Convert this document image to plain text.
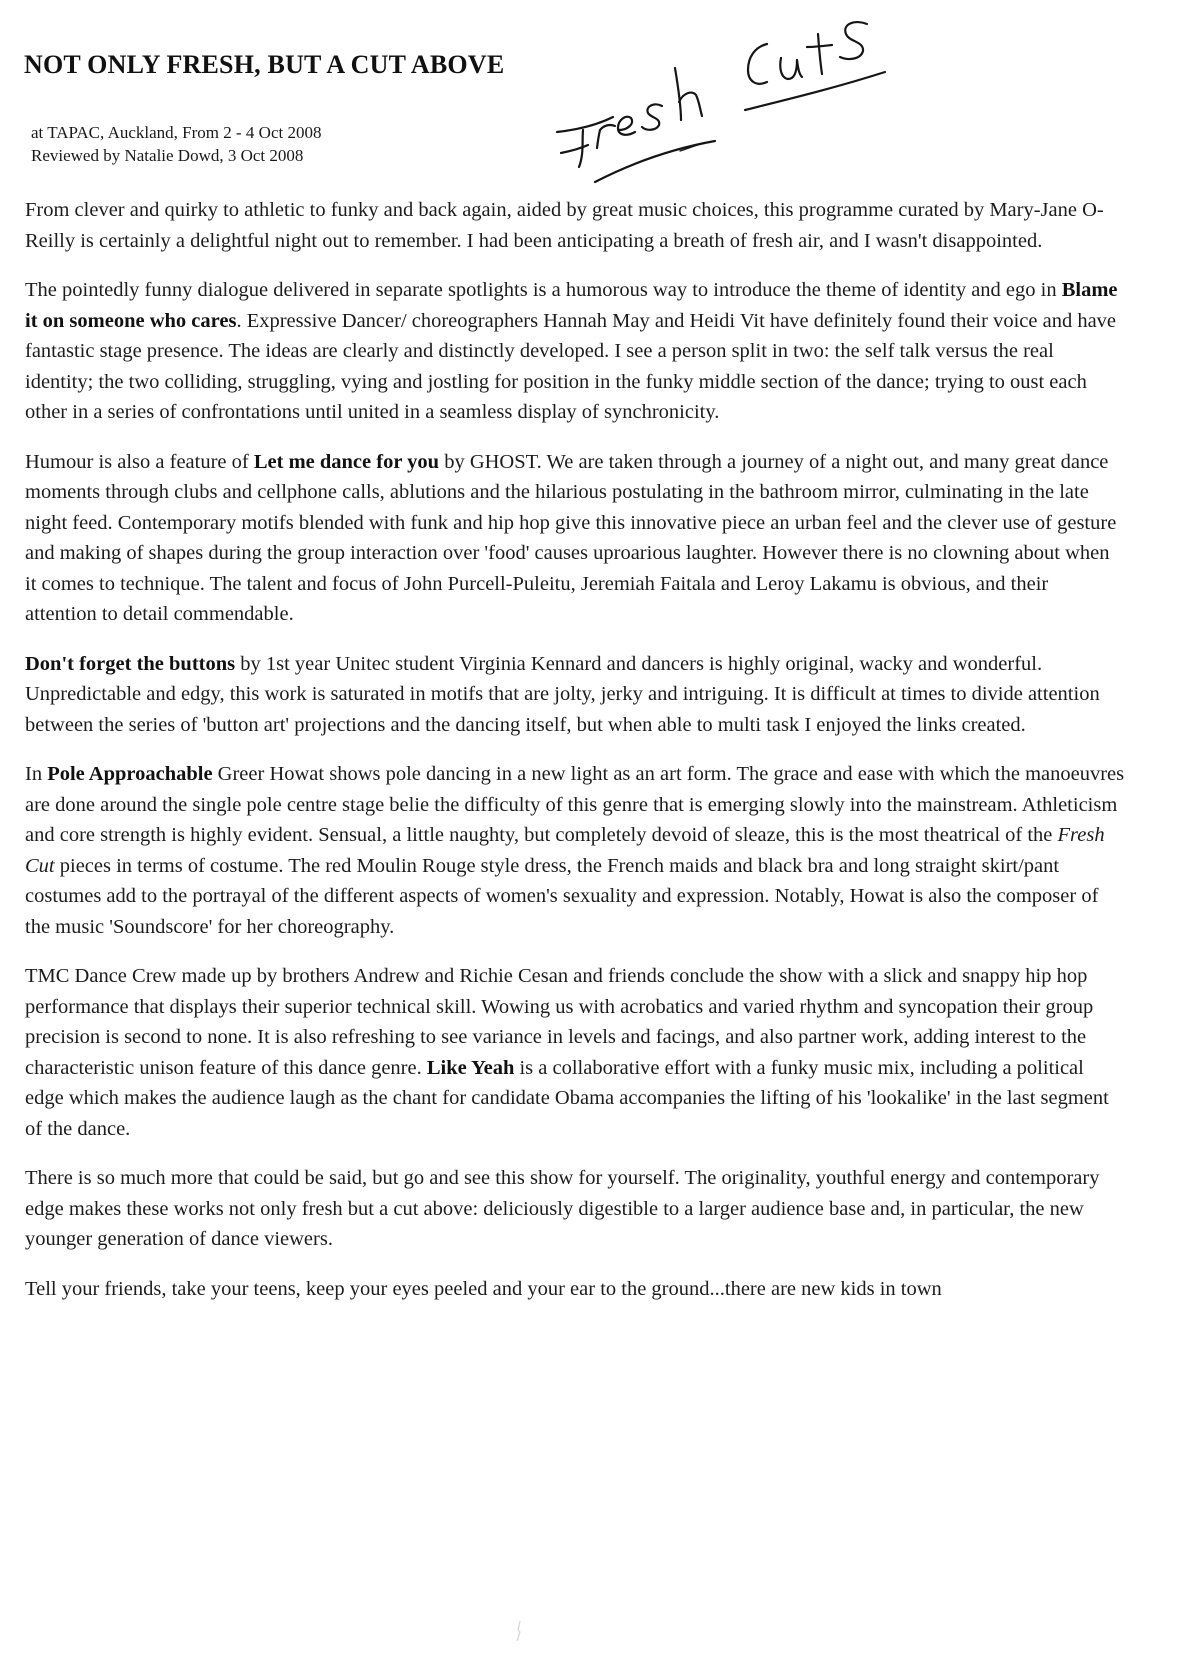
NOT ONLY FRESH, BUT A CUT ABOVE
at TAPAC, Auckland, From 2 - 4 Oct 2008
Reviewed by Natalie Dowd, 3 Oct 2008

From clever and quirky to athletic to funky and back again, aided by great music choices, this programme curated by Mary-Jane O-Reilly is certainly a delightful night out to remember. I had been anticipating a breath of fresh air, and I wasn't disappointed.

The pointedly funny dialogue delivered in separate spotlights is a humorous way to introduce the theme of identity and ego in Blame it on someone who cares. Expressive Dancer/ choreographers Hannah May and Heidi Vit have definitely found their voice and have fantastic stage presence. The ideas are clearly and distinctly developed. I see a person split in two: the self talk versus the real identity; the two colliding, struggling, vying and jostling for position in the funky middle section of the dance; trying to oust each other in a series of confrontations until united in a seamless display of synchronicity.

Humour is also a feature of Let me dance for you by GHOST. We are taken through a journey of a night out, and many great dance moments through clubs and cellphone calls, ablutions and the hilarious postulating in the bathroom mirror, culminating in the late night feed. Contemporary motifs blended with funk and hip hop give this innovative piece an urban feel and the clever use of gesture and making of shapes during the group interaction over 'food' causes uproarious laughter. However there is no clowning about when it comes to technique. The talent and focus of John Purcell-Puleitu, Jeremiah Faitala and Leroy Lakamu is obvious, and their attention to detail commendable.

Don't forget the buttons by 1st year Unitec student Virginia Kennard and dancers is highly original, wacky and wonderful. Unpredictable and edgy, this work is saturated in motifs that are jolty, jerky and intriguing. It is difficult at times to divide attention between the series of 'button art' projections and the dancing itself, but when able to multi task I enjoyed the links created.

In Pole Approachable Greer Howat shows pole dancing in a new light as an art form. The grace and ease with which the manoeuvres are done around the single pole centre stage belie the difficulty of this genre that is emerging slowly into the mainstream. Athleticism and core strength is highly evident. Sensual, a little naughty, but completely devoid of sleaze, this is the most theatrical of the Fresh Cut pieces in terms of costume. The red Moulin Rouge style dress, the French maids and black bra and long straight skirt/pant costumes add to the portrayal of the different aspects of women's sexuality and expression. Notably, Howat is also the composer of the music 'Soundscore' for her choreography.

TMC Dance Crew made up by brothers Andrew and Richie Cesan and friends conclude the show with a slick and snappy hip hop performance that displays their superior technical skill. Wowing us with acrobatics and varied rhythm and syncopation their group precision is second to none. It is also refreshing to see variance in levels and facings, and also partner work, adding interest to the characteristic unison feature of this dance genre. Like Yeah is a collaborative effort with a funky music mix, including a political edge which makes the audience laugh as the chant for candidate Obama accompanies the lifting of his 'lookalike' in the last segment of the dance.

There is so much more that could be said, but go and see this show for yourself. The originality, youthful energy and contemporary edge makes these works not only fresh but a cut above: deliciously digestible to a larger audience base and, in particular, the new younger generation of dance viewers.

Tell your friends, take your teens, keep your eyes peeled and your ear to the ground...there are new kids in town
